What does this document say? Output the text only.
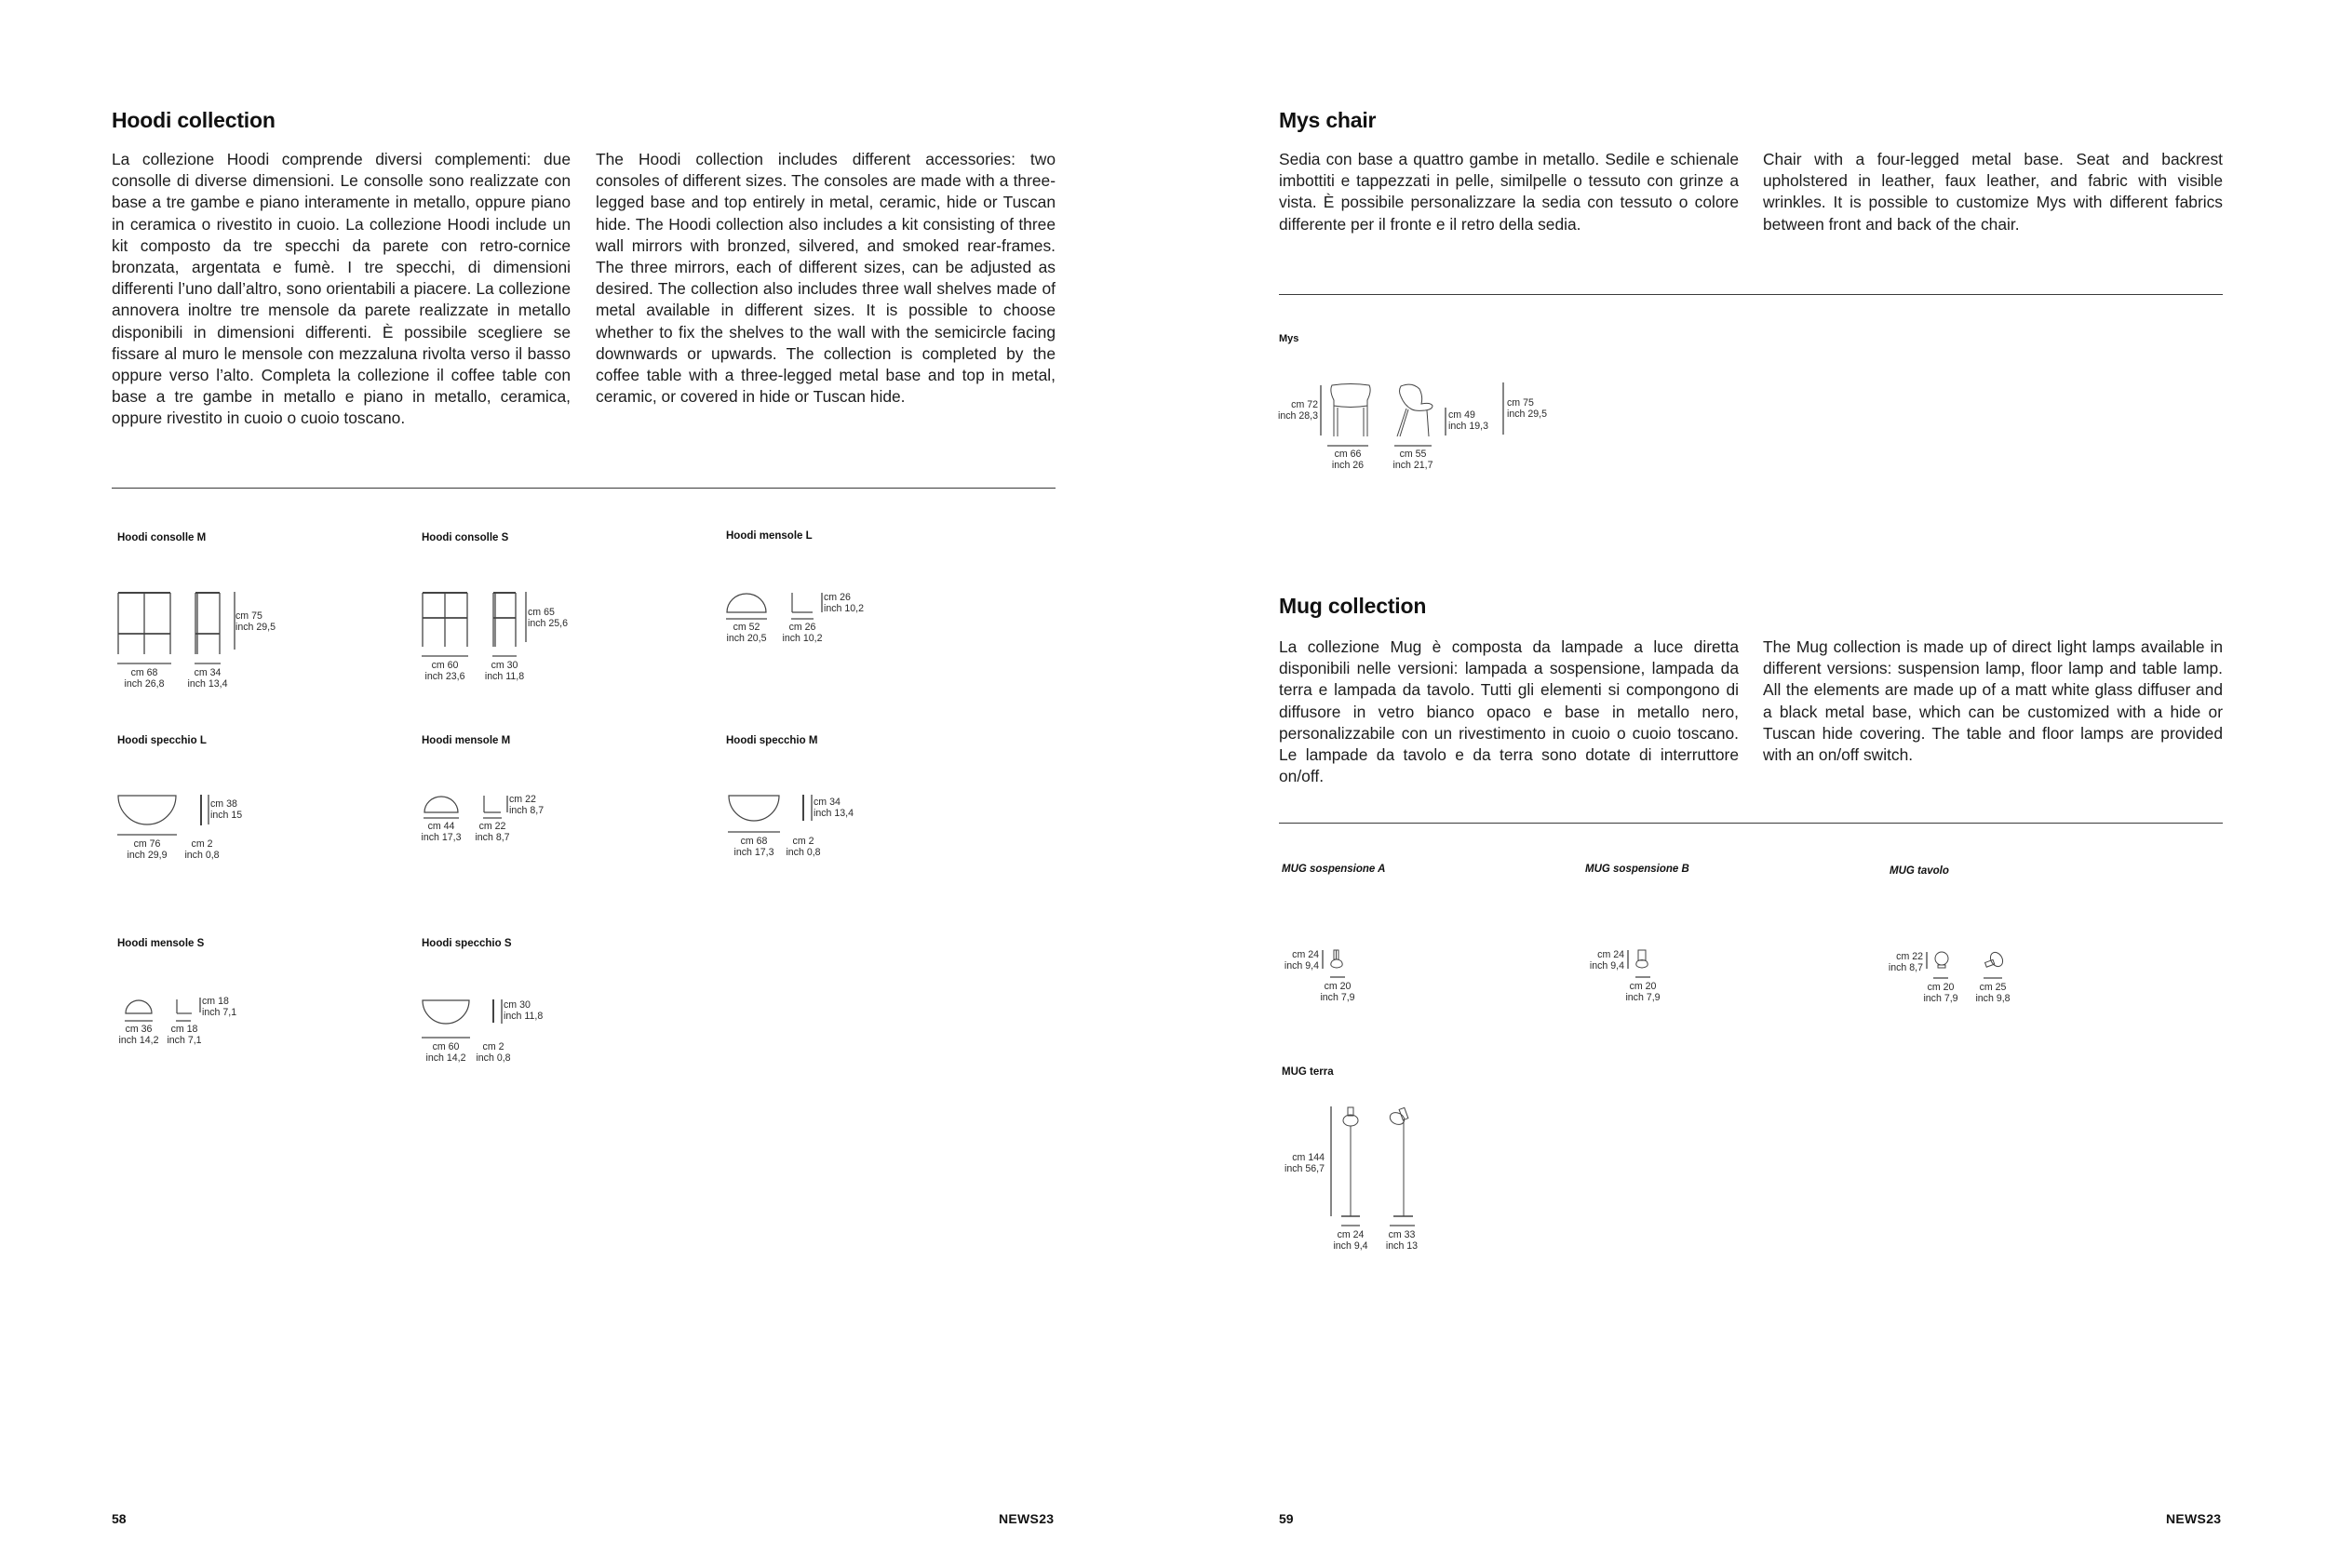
Hoodi collection

La collezione Hoodi comprende diversi complementi: due consolle di diverse dimensioni. Le consolle sono realizzate con base a tre gambe e piano interamente in metallo, oppure piano in ceramica o rivestito in cuoio. La collezione Hoodi include un kit composto da tre specchi da parete con retro-cornice bronzata, argentata e fumè. I tre specchi, di dimensioni differenti l’uno dall’altro, sono orientabili a piacere. La collezione annovera inoltre tre mensole da parete realizzate in metallo disponibili in dimensioni differenti. È possibile scegliere se fissare al muro le mensole con mezzaluna rivolta verso il basso oppure verso l’alto. Completa la collezione il coffee table con base a tre gambe in metallo e piano in metallo, ceramica, oppure rivestito in cuoio o cuoio toscano.

The Hoodi collection includes different accessories: two consoles of different sizes. The consoles are made with a three-legged base and top entirely in metal, ceramic, hide or Tuscan hide. The Hoodi collection also includes a kit consisting of three wall mirrors with bronzed, silvered, and smoked rear-frames. The three mirrors, each of different sizes, can be adjusted as desired. The collection also includes three wall shelves made of metal available in different sizes. It is possible to choose whether to fix the shelves to the wall with the semicircle facing downwards or upwards. The collection is completed by the coffee table with a three-legged metal base and top in metal, ceramic, or covered in hide or Tuscan hide.

Hoodi consolle M
cm 75
inch 29,5
cm 68
inch 26,8
cm 34
inch 13,4
Hoodi consolle S
cm 65
inch 25,6
cm 60
inch 23,6
cm 30
inch 11,8
Hoodi mensole L
cm 26
inch 10,2
cm 52
inch 20,5
cm 26
inch 10,2
Hoodi specchio L
cm 38
inch 15
cm 76
inch 29,9
cm 2
inch 0,8
Hoodi mensole M
cm 22
inch 8,7
cm 44
inch 17,3
cm 22
inch 8,7
Hoodi specchio M
cm 34
inch 13,4
cm 68
inch 17,3
cm 2
inch 0,8
Hoodi mensole S
cm 18
inch 7,1
cm 36
inch 14,2
cm 18
inch 7,1
Hoodi specchio S
cm 30
inch 11,8
cm 60
inch 14,2
cm 2
inch 0,8
58	NEWS23
Mys chair

Sedia con base a quattro gambe in metallo. Sedile e schienale imbottiti e tappezzati in pelle, similpelle o tessuto con grinze a vista. È possibile personalizzare la sedia con tessuto o colore differente per il fronte e il retro della sedia.

Chair with a four-legged metal base. Seat and backrest upholstered in leather, faux leather, and fabric with visible wrinkles. It is possible to customize Mys with different fabrics between front and back of the chair.

Mys
cm 72
inch 28,3	cm 49
inch 19,3
cm 75
inch 29,5
cm 66
inch 26
cm 55
inch 21,7
Mug collection

La collezione Mug è composta da lampade a luce diretta disponibili nelle versioni: lampada a sospensione, lampada da terra e lampada da tavolo. Tutti gli elementi si compongono di diffusore in vetro bianco opaco e base in metallo nero, personalizzabile con un rivestimento in cuoio o cuoio toscano. Le lampade da tavolo e da terra sono dotate di interruttore on/off.

The Mug collection is made up of direct light lamps available in different versions: suspension lamp, floor lamp and table lamp. All the elements are made up of a matt white glass diffuser and a black metal base, which can be customized with a hide or Tuscan hide covering. The table and floor lamps are provided with an on/off switch.

MUG sospensione A
cm 24
inch 9,4
cm 20
inch 7,9
MUG sospensione B
cm 24
inch 9,4
cm 20
inch 7,9
MUG tavolo
cm 22
inch 8,7
cm 20
inch 7,9
cm 25
inch 9,8
MUG terra
cm 144
inch 56,7
cm 24
inch 9,4
cm 33
inch 13
59	NEWS23
